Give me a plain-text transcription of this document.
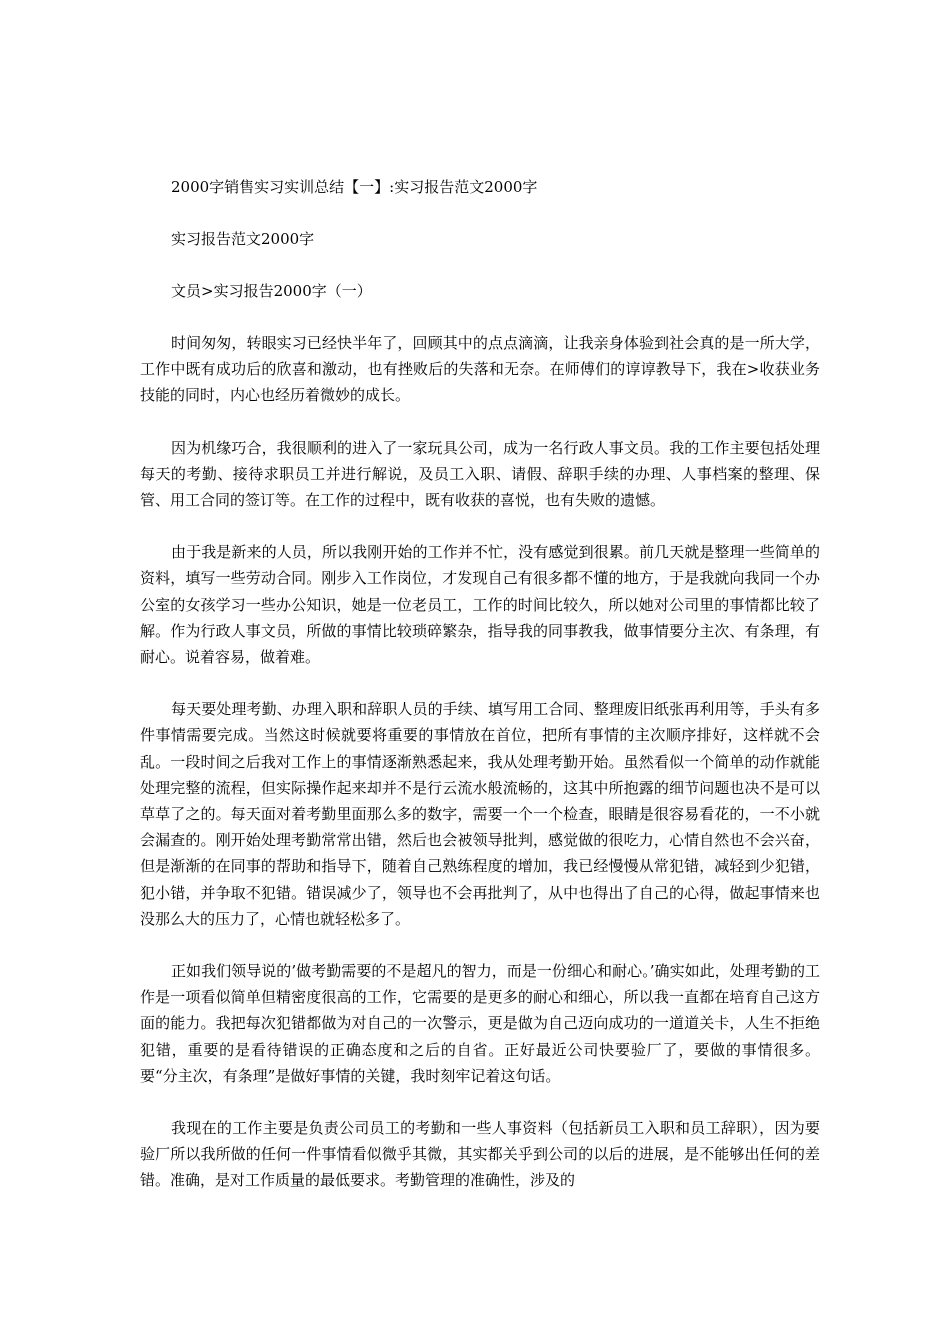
2000字销售实习实训总结【一】:实习报告范文2000字

实习报告范文2000字

文员>实习报告2000字（一）

时间匆匆，转眼实习已经快半年了，回顾其中的点点滴滴，让我亲身体验到社会真的是一所大学，工作中既有成功后的欣喜和激动，也有挫败后的失落和无奈。在师傅们的谆谆教导下，我在>收获业务技能的同时，内心也经历着微妙的成长。

因为机缘巧合，我很顺利的进入了一家玩具公司，成为一名行政人事文员。我的工作主要包括处理每天的考勤、接待求职员工并进行解说，及员工入职、请假、辞职手续的办理、人事档案的整理、保管、用工合同的签订等。在工作的过程中，既有收获的喜悦，也有失败的遗憾。

由于我是新来的人员，所以我刚开始的工作并不忙，没有感觉到很累。前几天就是整理一些简单的资料，填写一些劳动合同。刚步入工作岗位，才发现自己有很多都不懂的地方，于是我就向我同一个办公室的女孩学习一些办公知识，她是一位老员工，工作的时间比较久，所以她对公司里的事情都比较了解。作为行政人事文员，所做的事情比较琐碎繁杂，指导我的同事教我，做事情要分主次、有条理，有耐心。说着容易，做着难。

每天要处理考勤、办理入职和辞职人员的手续、填写用工合同、整理废旧纸张再利用等，手头有多件事情需要完成。当然这时候就要将重要的事情放在首位，把所有事情的主次顺序排好，这样就不会乱。一段时间之后我对工作上的事情逐渐熟悉起来，我从处理考勤开始。虽然看似一个简单的动作就能处理完整的流程，但实际操作起来却并不是行云流水般流畅的，这其中所抱露的细节问题也决不是可以草草了之的。每天面对着考勤里面那么多的数字，需要一个一个检查，眼睛是很容易看花的，一不小就会漏查的。刚开始处理考勤常常出错，然后也会被领导批判，感觉做的很吃力，心情自然也不会兴奋，但是渐渐的在同事的帮助和指导下，随着自己熟练程度的增加，我已经慢慢从常犯错，减轻到少犯错，犯小错，并争取不犯错。错误减少了，领导也不会再批判了，从中也得出了自己的心得，做起事情来也没那么大的压力了，心情也就轻松多了。

正如我们领导说的’做考勤需要的不是超凡的智力，而是一份细心和耐心。’确实如此，处理考勤的工作是一项看似简单但精密度很高的工作，它需要的是更多的耐心和细心，所以我一直都在培育自己这方面的能力。我把每次犯错都做为对自己的一次警示，更是做为自己迈向成功的一道道关卡，人生不拒绝犯错，重要的是看待错误的正确态度和之后的自省。正好最近公司快要验厂了，要做的事情很多。要“分主次，有条理”是做好事情的关键，我时刻牢记着这句话。

我现在的工作主要是负责公司员工的考勤和一些人事资料（包括新员工入职和员工辞职），因为要验厂所以我所做的任何一件事情看似微乎其微，其实都关乎到公司的以后的进展，是不能够出任何的差错。准确，是对工作质量的最低要求。考勤管理的准确性，涉及的
